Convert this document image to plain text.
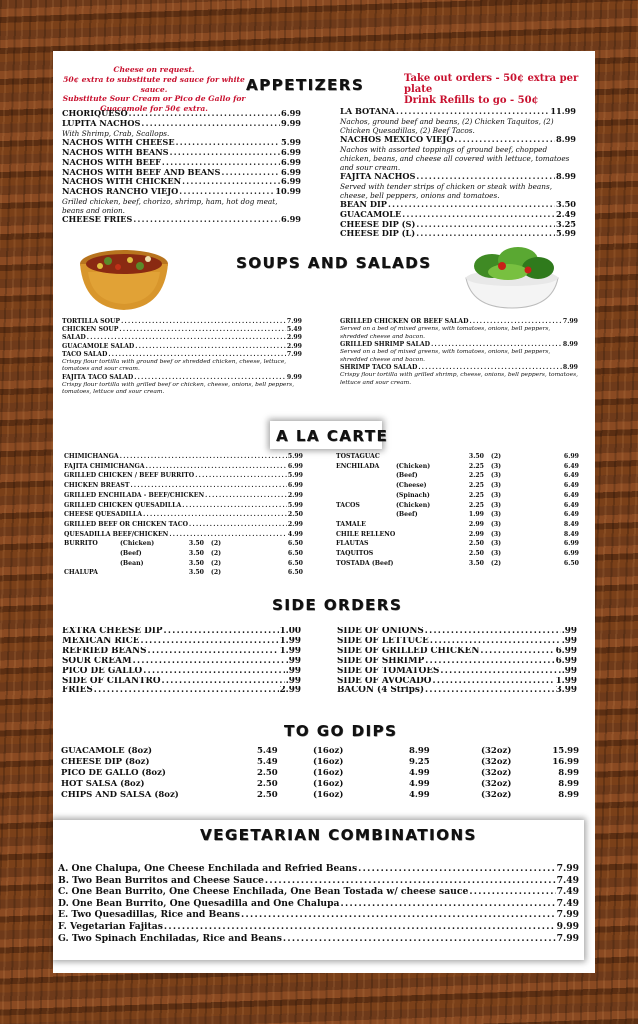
Cheese on request.
50¢ extra to substitute red sauce for white sauce.
Substitute Sour Cream or Pico de Gallo for
Guacamole for 50¢ extra.
APPETIZERS	Take out orders - 50¢ extra per plate
Drink Refills to go - 50¢
CHORIQUESO .....	6.99
LUPITA NACHOS .....	9.99
With Shrimp, Crab, Scallops.
NACHOS WITH CHEESE .....	5.99
NACHOS WITH BEANS .....	6.99
NACHOS WITH BEEF .....	6.99
NACHOS WITH BEEF AND BEANS .....	6.99
NACHOS WITH CHICKEN .....	6.99
NACHOS RANCHO VIEJO .....	10.99
Grilled chicken, beef, chorizo, shrimp, ham, hot dog meat, beans and onion.
CHEESE FRIES .....	6.99
LA BOTANA .....	11.99
Nachos, ground beef and beans, (2) Chicken Taquitos, (2) Chicken Quesadillas, (2) Beef Tacos.
NACHOS MEXICO VIEJO .....	8.99
Nachos with assorted toppings of ground beef, chopped chicken, beans, and cheese all covered with lettuce, tomatoes and sour cream.
FAJITA NACHOS .....	8.99
Served with tender strips of chicken or steak with beans, cheese, bell peppers, onions and tomatoes.
BEAN DIP .....	3.50
GUACAMOLE .....	2.49
CHEESE DIP (S) .....	3.25
CHEESE DIP (L) .....	5.99
SOUPS AND SALADS
TORTILLA SOUP .....	7.99
CHICKEN SOUP .....	5.49
SALAD .....	2.99
GUACAMOLE SALAD .....	2.99
TACO SALAD .....	7.99
Crispy flour tortilla with ground beef or shredded chicken, cheese, lettuce, tomatoes and sour cream.
FAJITA TACO SALAD .....	9.99
Crispy flour tortilla with grilled beef or chicken, cheese, onions, bell peppers, tomatoes, lettuce and sour cream.
GRILLED CHICKEN OR BEEF SALAD .....	7.99
Served on a bed of mixed greens, with tomatoes, onions, bell peppers, shredded cheese and bacon.
GRILLED SHRIMP SALAD .....	8.99
Served on a bed of mixed greens, with tomatoes, onions, bell peppers, shredded cheese and bacon.
SHRIMP TACO SALAD .....	8.99
Crispy flour tortilla with grilled shrimp, cheese, onions, bell peppers, tomatoes, lettuce and sour cream.
A LA CARTE
CHIMICHANGA .....	5.99
FAJITA CHIMICHANGA .....	6.99
GRILLED CHICKEN / BEEF BURRITO .....	5.99
CHICKEN BREAST .....	6.99
GRILLED ENCHILADA - BEEF/CHICKEN .....	2.99
GRILLED CHICKEN QUESADILLA .....	5.99
CHEESE QUESADILLA .....	2.50
GRILLED BEEF OR CHICKEN TACO .....	2.99
QUESADILLA BEEF/CHICKEN .....	4.99
BURRITO	(Chicken)	3.50	(2)	6.50
(Beef)	3.50	(2)	6.50
(Bean)	3.50	(2)	6.50
CHALUPA	3.50	(2)	6.50
TOSTAGUAC	3.50	(2)	6.99
ENCHILADA	(Chicken)	2.25	(3)	6.49
(Beef)	2.25	(3)	6.49
(Cheese)	2.25	(3)	6.49
(Spinach)	2.25	(3)	6.49
TACOS	(Chicken)	2.25	(3)	6.49
(Beef)	1.99	(3)	6.49
TAMALE	2.99	(3)	8.49
CHILE RELLENO	2.99	(3)	8.49
FLAUTAS	2.50	(3)	6.99
TAQUITOS	2.50	(3)	6.99
TOSTADA (Beef)	3.50	(2)	6.50
SIDE ORDERS
EXTRA CHEESE DIP .....	1.00
MEXICAN RICE .....	1.99
REFRIED BEANS .....	1.99
SOUR CREAM .....	.99
PICO DE GALLO .....	.99
SIDE OF CILANTRO .....	.99
FRIES .....	2.99
SIDE OF ONIONS .....	.99
SIDE OF LETTUCE .....	.99
SIDE OF GRILLED CHICKEN .....	6.99
SIDE OF SHRIMP .....	6.99
SIDE OF TOMATOES .....	.99
SIDE OF AVOCADO .....	1.99
BACON (4 Strips) .....	3.99
TO GO DIPS
GUACAMOLE (8oz)	5.49	(16oz)	8.99	(32oz)	15.99
CHEESE DIP (8oz)	5.49	(16oz)	9.25	(32oz)	16.99
PICO DE GALLO (8oz)	2.50	(16oz)	4.99	(32oz)	8.99
HOT SALSA (8oz)	2.50	(16oz)	4.99	(32oz)	8.99
CHIPS AND SALSA (8oz)	2.50	(16oz)	4.99	(32oz)	8.99
VEGETARIAN COMBINATIONS
A. One Chalupa, One Cheese Enchilada and Refried Beans .....	7.99
B. Two Bean Burritos and Cheese Sauce .....	7.49
C. One Bean Burrito, One Cheese Enchilada, One Bean Tostada w/ cheese sauce .....	7.49
D. One Bean Burrito, One Quesadilla and One Chalupa .....	7.49
E. Two Quesadillas, Rice and Beans .....	7.99
F. Vegetarian Fajitas .....	9.99
G. Two Spinach Enchiladas, Rice and Beans .....	7.99
